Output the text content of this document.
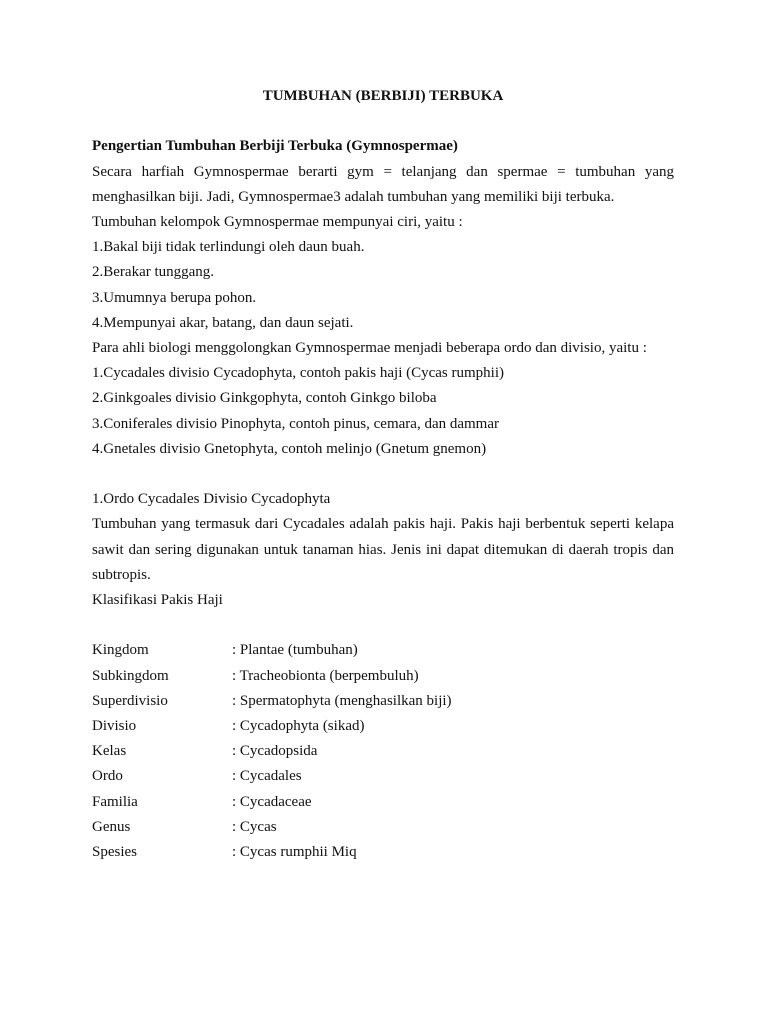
TUMBUHAN (BERBIJI) TERBUKA

Pengertian Tumbuhan Berbiji Terbuka (Gymnospermae)

Secara harfiah Gymnospermae berarti gym = telanjang dan spermae = tumbuhan yang menghasilkan biji. Jadi, Gymnospermae3 adalah tumbuhan yang memiliki biji terbuka.

Tumbuhan kelompok Gymnospermae mempunyai ciri, yaitu :

1.Bakal biji tidak terlindungi oleh daun buah.

2.Berakar tunggang.

3.Umumnya berupa pohon.

4.Mempunyai akar, batang, dan daun sejati.

Para ahli biologi menggolongkan Gymnospermae menjadi beberapa ordo dan divisio, yaitu :

1.Cycadales divisio Cycadophyta, contoh pakis haji (Cycas rumphii)

2.Ginkgoales divisio Ginkgophyta, contoh Ginkgo biloba

3.Coniferales divisio Pinophyta, contoh pinus, cemara, dan dammar

4.Gnetales divisio Gnetophyta, contoh melinjo (Gnetum gnemon)

1.Ordo Cycadales Divisio Cycadophyta

Tumbuhan yang termasuk dari Cycadales adalah pakis haji. Pakis haji berbentuk seperti kelapa sawit dan sering digunakan untuk tanaman hias. Jenis ini dapat ditemukan di daerah tropis dan subtropis.

Klasifikasi Pakis Haji

Kingdom	: Plantae (tumbuhan)
Subkingdom	: Tracheobionta (berpembuluh)
Superdivisio	: Spermatophyta (menghasilkan biji)
Divisio	: Cycadophyta (sikad)
Kelas	: Cycadopsida
Ordo	: Cycadales
Familia	: Cycadaceae
Genus	: Cycas
Spesies	: Cycas rumphii Miq
